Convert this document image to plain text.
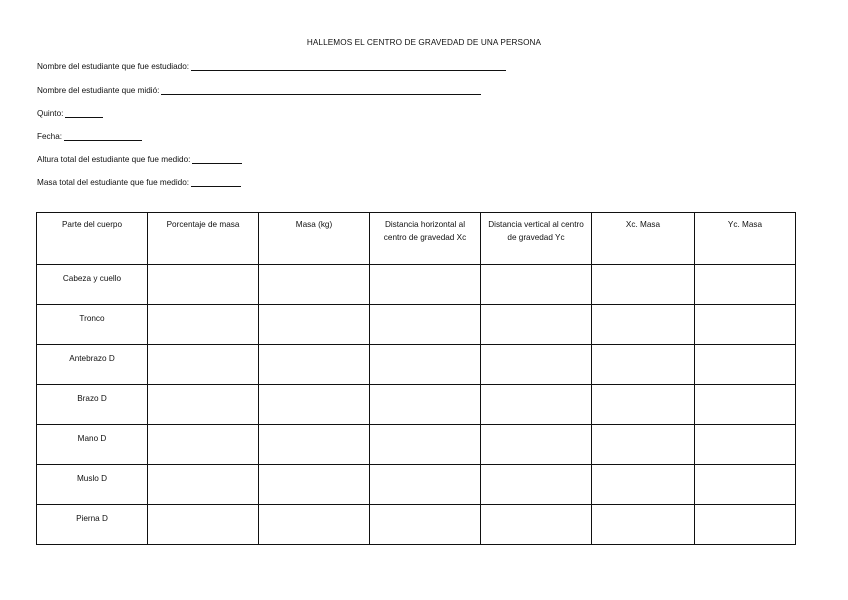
HALLEMOS EL CENTRO DE GRAVEDAD DE UNA PERSONA
Nombre del estudiante que fue estudiado:
Nombre del estudiante que midió:
Quinto:
Fecha:
Altura total del estudiante que fue medido:
Masa total del estudiante que fue medido:
Parte del cuerpo	Porcentaje de masa	Masa (kg)	Distancia horizontal al centro de gravedad Xc	Distancia vertical al centro de gravedad Yc	Xc. Masa	Yc. Masa
Cabeza y cuello						
Tronco						
Antebrazo D						
Brazo D						
Mano D						
Muslo D						
Pierna D						
